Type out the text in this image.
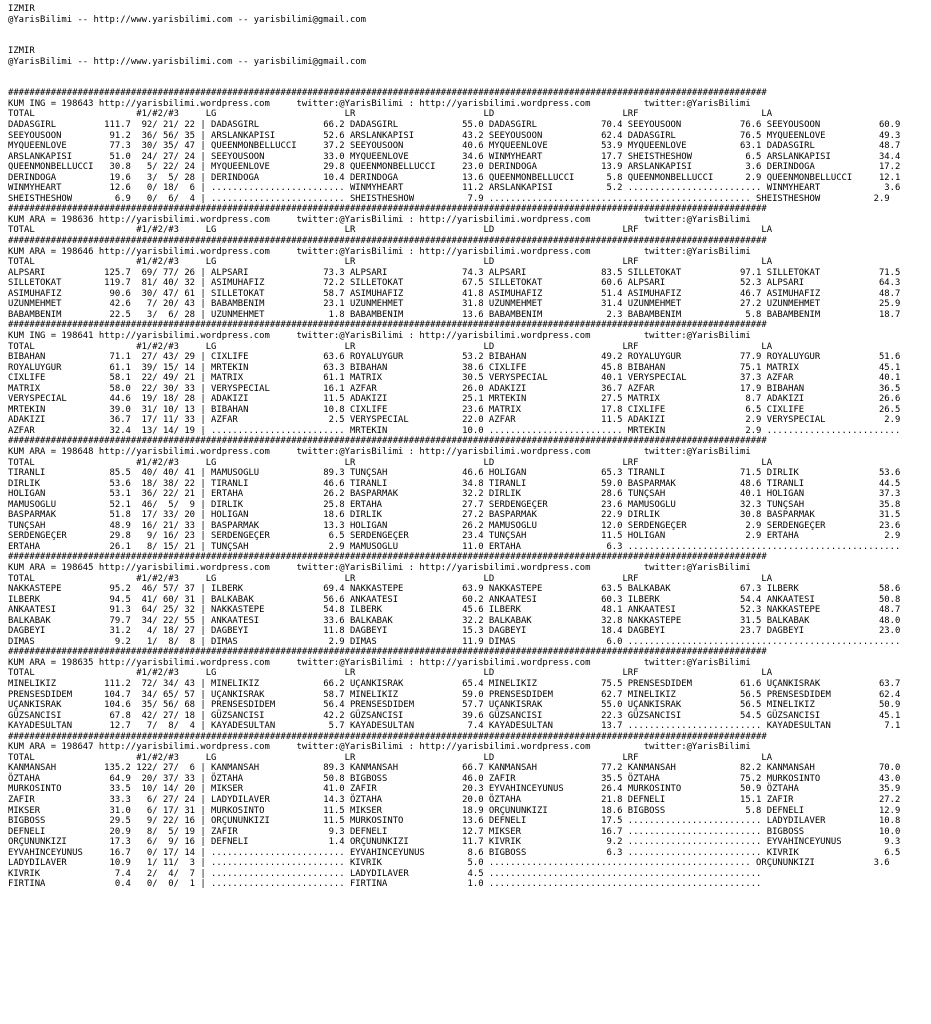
IZMIR
@YarisBilimi -- http://www.yarisbilimi.com -- yarisbilimi@gmail.com
IZMIR
@YarisBilimi -- http://www.yarisbilimi.com -- yarisbilimi@gmail.com
##############################################################################################################################################
KUM ING = 198643 http://yarisbilimi.wordpress.com     twitter:@YarisBilimi : http://yarisbilimi.wordpress.com          twitter:@YarisBilimi
TOTAL                   #1/#2/#3     LG                        LR                        LD                        LRF                       LA
DADASGIRL         111.7  92/ 21/ 22 | DADASGIRL            66.2 DADASGIRL            55.0 DADASGIRL            70.4 SEEYOUSOON           76.6 SEEYOUSOON           60.9
SEEYOUSOON         91.2  36/ 56/ 35 | ARSLANKAPISI         52.6 ARSLANKAPISI         43.2 SEEYOUSOON           62.4 DADASGIRL            76.5 MYQUEENLOVE          49.3
MYQUEENLOVE        77.3  30/ 35/ 47 | QUEENMONBELLUCCI     37.2 SEEYOUSOON           40.6 MYQUEENLOVE          53.9 MYQUEENLOVE          63.1 DADASGIRL            48.7
ARSLANKAPISI       51.0  24/ 27/ 24 | SEEYOUSOON           33.0 MYQUEENLOVE          34.6 WINMYHEART           17.7 SHEISTHESHOW          6.5 ARSLANKAPISI         34.4
QUEENMONBELLUCCI   30.8   5/ 22/ 24 | MYQUEENLOVE          29.8 QUEENMONBELLUCCI     23.0 DERINDOGA            13.9 ARSLANKAPISI          3.6 DERINDOGA            17.2
DERINDOGA          19.6   3/  5/ 28 | DERINDOGA            10.4 DERINDOGA            13.6 QUEENMONBELLUCCI      5.8 QUEENMONBELLUCCI      2.9 QUEENMONBELLUCCI     12.1
WINMYHEART         12.6   0/ 18/  6 | ......................... WINMYHEART           11.2 ARSLANKAPISI          5.2 ......................... WINMYHEART            3.6
SHEISTHESHOW        6.9   0/  6/  4 | ......................... SHEISTHESHOW          7.9 ................................................. SHEISTHESHOW          2.9
##############################################################################################################################################
KUM ARA = 198636 http://yarisbilimi.wordpress.com     twitter:@YarisBilimi : http://yarisbilimi.wordpress.com          twitter:@YarisBilimi
TOTAL                   #1/#2/#3     LG                        LR                        LD                        LRF                       LA
##############################################################################################################################################
KUM ARA = 198646 http://yarisbilimi.wordpress.com     twitter:@YarisBilimi : http://yarisbilimi.wordpress.com          twitter:@YarisBilimi
TOTAL                   #1/#2/#3     LG                        LR                        LD                        LRF                       LA
ALPSARI           125.7  69/ 77/ 26 | ALPSARI              73.3 ALPSARI              74.3 ALPSARI              83.5 SILLETOKAT           97.1 SILLETOKAT           71.5
SILLETOKAT        119.7  81/ 40/ 32 | ASIMUHAFIZ           72.2 SILLETOKAT           67.5 SILLETOKAT           60.6 ALPSARI              52.3 ALPSARI              64.3
ASIMUHAFIZ         90.6  30/ 47/ 61 | SILLETOKAT           58.7 ASIMUHAFIZ           41.8 ASIMUHAFIZ           51.4 ASIMUHAFIZ           46.7 ASIMUHAFIZ           48.7
UZUNMEHMET         42.6   7/ 20/ 43 | BABAMBENIM           23.1 UZUNMEHMET           31.8 UZUNMEHMET           31.4 UZUNMEHMET           27.2 UZUNMEHMET           25.9
BABAMBENIM         22.5   3/  6/ 28 | UZUNMEHMET            1.8 BABAMBENIM           13.6 BABAMBENIM            2.3 BABAMBENIM            5.8 BABAMBENIM           18.7
##############################################################################################################################################
KUM ING = 198641 http://yarisbilimi.wordpress.com     twitter:@YarisBilimi : http://yarisbilimi.wordpress.com          twitter:@YarisBilimi
TOTAL                   #1/#2/#3     LG                        LR                        LD                        LRF                       LA
BIBAHAN            71.1  27/ 43/ 29 | CIXLIFE              63.6 ROYALUYGUR           53.2 BIBAHAN              49.2 ROYALUYGUR           77.9 ROYALUYGUR           51.6
ROYALUYGUR         61.1  39/ 15/ 14 | MRTEKIN              63.3 BIBAHAN              38.6 CIXLIFE              45.8 BIBAHAN              75.1 MATRIX               45.1
CIXLIFE            58.1  22/ 49/ 21 | MATRIX               61.1 MATRIX               30.5 VERYSPECIAL          40.1 VERYSPECIAL          37.3 AZFAR                40.1
MATRIX             58.0  22/ 30/ 33 | VERYSPECIAL          16.1 AZFAR                26.0 ADAKIZI              36.7 AZFAR                17.9 BIBAHAN              36.5
VERYSPECIAL        44.6  19/ 18/ 28 | ADAKIZI              11.5 ADAKIZI              25.1 MRTEKIN              27.5 MATRIX                8.7 ADAKIZI              26.6
MRTEKIN            39.0  31/ 10/ 13 | BIBAHAN              10.8 CIXLIFE              23.6 MATRIX               17.8 CIXLIFE               6.5 CIXLIFE              26.5
ADAKIZI            36.7  17/ 11/ 33 | AZFAR                 2.5 VERYSPECIAL          22.0 AZFAR                11.5 ADAKIZI               2.9 VERYSPECIAL           2.9
AZFAR              32.4  13/ 14/ 19 | ......................... MRTEKIN              10.0 ......................... MRTEKIN               2.9 .........................
##############################################################################################################################################
KUM ARA = 198648 http://yarisbilimi.wordpress.com     twitter:@YarisBilimi : http://yarisbilimi.wordpress.com          twitter:@YarisBilimi
TOTAL                   #1/#2/#3     LG                        LR                        LD                        LRF                       LA
TIRANLI            85.5  40/ 40/ 41 | MAMUSOGLU            89.3 TUNÇSAH              46.6 HOLIGAN              65.3 TIRANLI              71.5 DIRLIK               53.6
DIRLIK             53.6  18/ 38/ 22 | TIRANLI              46.6 TIRANLI              34.8 TIRANLI              59.0 BASPARMAK            48.6 TIRANLI              44.5
HOLIGAN            53.1  36/ 22/ 21 | ERTAHA               26.2 BASPARMAK            32.2 DIRLIK               28.6 TUNÇSAH              40.1 HOLIGAN              37.3
MAMUSOGLU          52.1  46/  5/  9 | DIRLIK               25.8 ERTAHA               27.7 SERDENGEÇER          23.6 MAMUSOGLU            32.3 TUNÇSAH              35.8
BASPARMAK          51.8  17/ 33/ 20 | HOLIGAN              18.6 DIRLIK               27.2 BASPARMAK            22.9 DIRLIK               30.8 BASPARMAK            31.5
TUNÇSAH            48.9  16/ 21/ 33 | BASPARMAK            13.3 HOLIGAN              26.2 MAMUSOGLU            12.0 SERDENGEÇER           2.9 SERDENGEÇER          23.6
SERDENGEÇER        29.8   9/ 16/ 23 | SERDENGEÇER           6.5 SERDENGEÇER          23.4 TUNÇSAH              11.5 HOLIGAN               2.9 ERTAHA                2.9
ERTAHA             26.1   8/ 15/ 21 | TUNÇSAH               2.9 MAMUSOGLU            11.0 ERTAHA                6.3 ...................................................
##############################################################################################################################################
KUM ARA = 198645 http://yarisbilimi.wordpress.com     twitter:@YarisBilimi : http://yarisbilimi.wordpress.com          twitter:@YarisBilimi
TOTAL                   #1/#2/#3     LG                        LR                        LD                        LRF                       LA
NAKKASTEPE         95.2  46/ 57/ 37 | ILBERK               69.4 NAKKASTEPE           63.9 NAKKASTEPE           63.5 BALKABAK             67.3 ILBERK               58.6
ILBERK             94.5  41/ 60/ 31 | BALKABAK             56.6 ANKAATESI            60.2 ANKAATESI            60.3 ILBERK               54.4 ANKAATESI            50.8
ANKAATESI          91.3  64/ 25/ 32 | NAKKASTEPE           54.8 ILBERK               45.6 ILBERK               48.1 ANKAATESI            52.3 NAKKASTEPE           48.7
BALKABAK           79.7  34/ 22/ 55 | ANKAATESI            33.6 BALKABAK             32.2 BALKABAK             32.8 NAKKASTEPE           31.5 BALKABAK             48.0
DAGBEYI            31.2   4/ 18/ 27 | DAGBEYI              11.8 DAGBEYI              15.3 DAGBEYI              18.4 DAGBEYI              23.7 DAGBEYI              23.0
DIMAS               9.2   1/  8/  8 | DIMAS                 2.9 DIMAS                11.9 DIMAS                 6.0 ...................................................
##############################################################################################################################################
KUM ARA = 198635 http://yarisbilimi.wordpress.com     twitter:@YarisBilimi : http://yarisbilimi.wordpress.com          twitter:@YarisBilimi
TOTAL                   #1/#2/#3     LG                        LR                        LD                        LRF                       LA
MINELIKIZ         111.2  72/ 34/ 43 | MINELIKIZ            66.2 UÇANKISRAK           65.4 MINELIKIZ            75.5 PRENSESDIDEM         61.6 UÇANKISRAK           63.7
PRENSESDIDEM      104.7  34/ 65/ 57 | UÇANKISRAK           58.7 MINELIKIZ            59.0 PRENSESDIDEM         62.7 MINELIKIZ            56.5 PRENSESDIDEM         62.4
UÇANKISRAK        104.6  35/ 56/ 68 | PRENSESDIDEM         56.4 PRENSESDIDEM         57.7 UÇANKISRAK           55.0 UÇANKISRAK           56.5 MINELIKIZ            50.9
GÜZSANCISI         67.8  42/ 27/ 18 | GÜZSANCISI           42.2 GÜZSANCISI           39.6 GÜZSANCISI           22.3 GÜZSANCISI           54.5 GÜZSANCISI           45.1
KAYADESULTAN       12.7   7/  8/  4 | KAYADESULTAN          5.7 KAYADESULTAN          7.4 KAYADESULTAN         13.7 ......................... KAYADESULTAN          7.1
##############################################################################################################################################
KUM ARA = 198647 http://yarisbilimi.wordpress.com     twitter:@YarisBilimi : http://yarisbilimi.wordpress.com          twitter:@YarisBilimi
TOTAL                   #1/#2/#3     LG                        LR                        LD                        LRF                       LA
KANMANSAH         135.2 122/ 27/  6 | KANMANSAH            89.3 KANMANSAH            66.7 KANMANSAH            77.2 KANMANSAH            82.2 KANMANSAH            70.0
ÖZTAHA             64.9  20/ 37/ 33 | ÖZTAHA               50.8 BIGBOSS              46.0 ZAFIR                35.5 ÖZTAHA               75.2 MURKOSINTO           43.0
MURKOSINTO         33.5  10/ 14/ 20 | MIKSER               41.0 ZAFIR                20.3 EYVAHINCEYUNUS       26.4 MURKOSINTO           50.9 ÖZTAHA               35.9
ZAFIR              33.3   6/ 27/ 24 | LADYDILAVER          14.3 ÖZTAHA               20.0 ÖZTAHA               21.8 DEFNELI              15.1 ZAFIR                27.2
MIKSER             31.0   6/ 17/ 31 | MURKOSINTO           11.5 MIKSER               18.9 ORÇUNUNKIZI          18.6 BIGBOSS               5.8 DEFNELI              12.9
BIGBOSS            29.5   9/ 22/ 16 | ORÇUNUNKIZI          11.5 MURKOSINTO           13.6 DEFNELI              17.5 ......................... LADYDILAVER          10.8
DEFNELI            20.9   8/  5/ 19 | ZAFIR                 9.3 DEFNELI              12.7 MIKSER               16.7 ......................... BIGBOSS              10.0
ORÇUNUNKIZI        17.3   6/  9/ 16 | DEFNELI               1.4 ORÇUNUNKIZI          11.7 KIVRIK                9.2 ......................... EYVAHINCEYUNUS        9.3
EYVAHINCEYUNUS     16.7   0/ 17/ 14 | ......................... EYVAHINCEYUNUS        8.6 BIGBOSS               6.3 ......................... KIVRIK                6.5
LADYDILAVER        10.9   1/ 11/  3 | ......................... KIVRIK                5.0 ................................................. ORÇUNUNKIZI           3.6
KIVRIK              7.4   2/  4/  7 | ......................... LADYDILAVER           4.5 ...................................................
FIRTINA             0.4   0/  0/  1 | ......................... FIRTINA               1.0 ...................................................
